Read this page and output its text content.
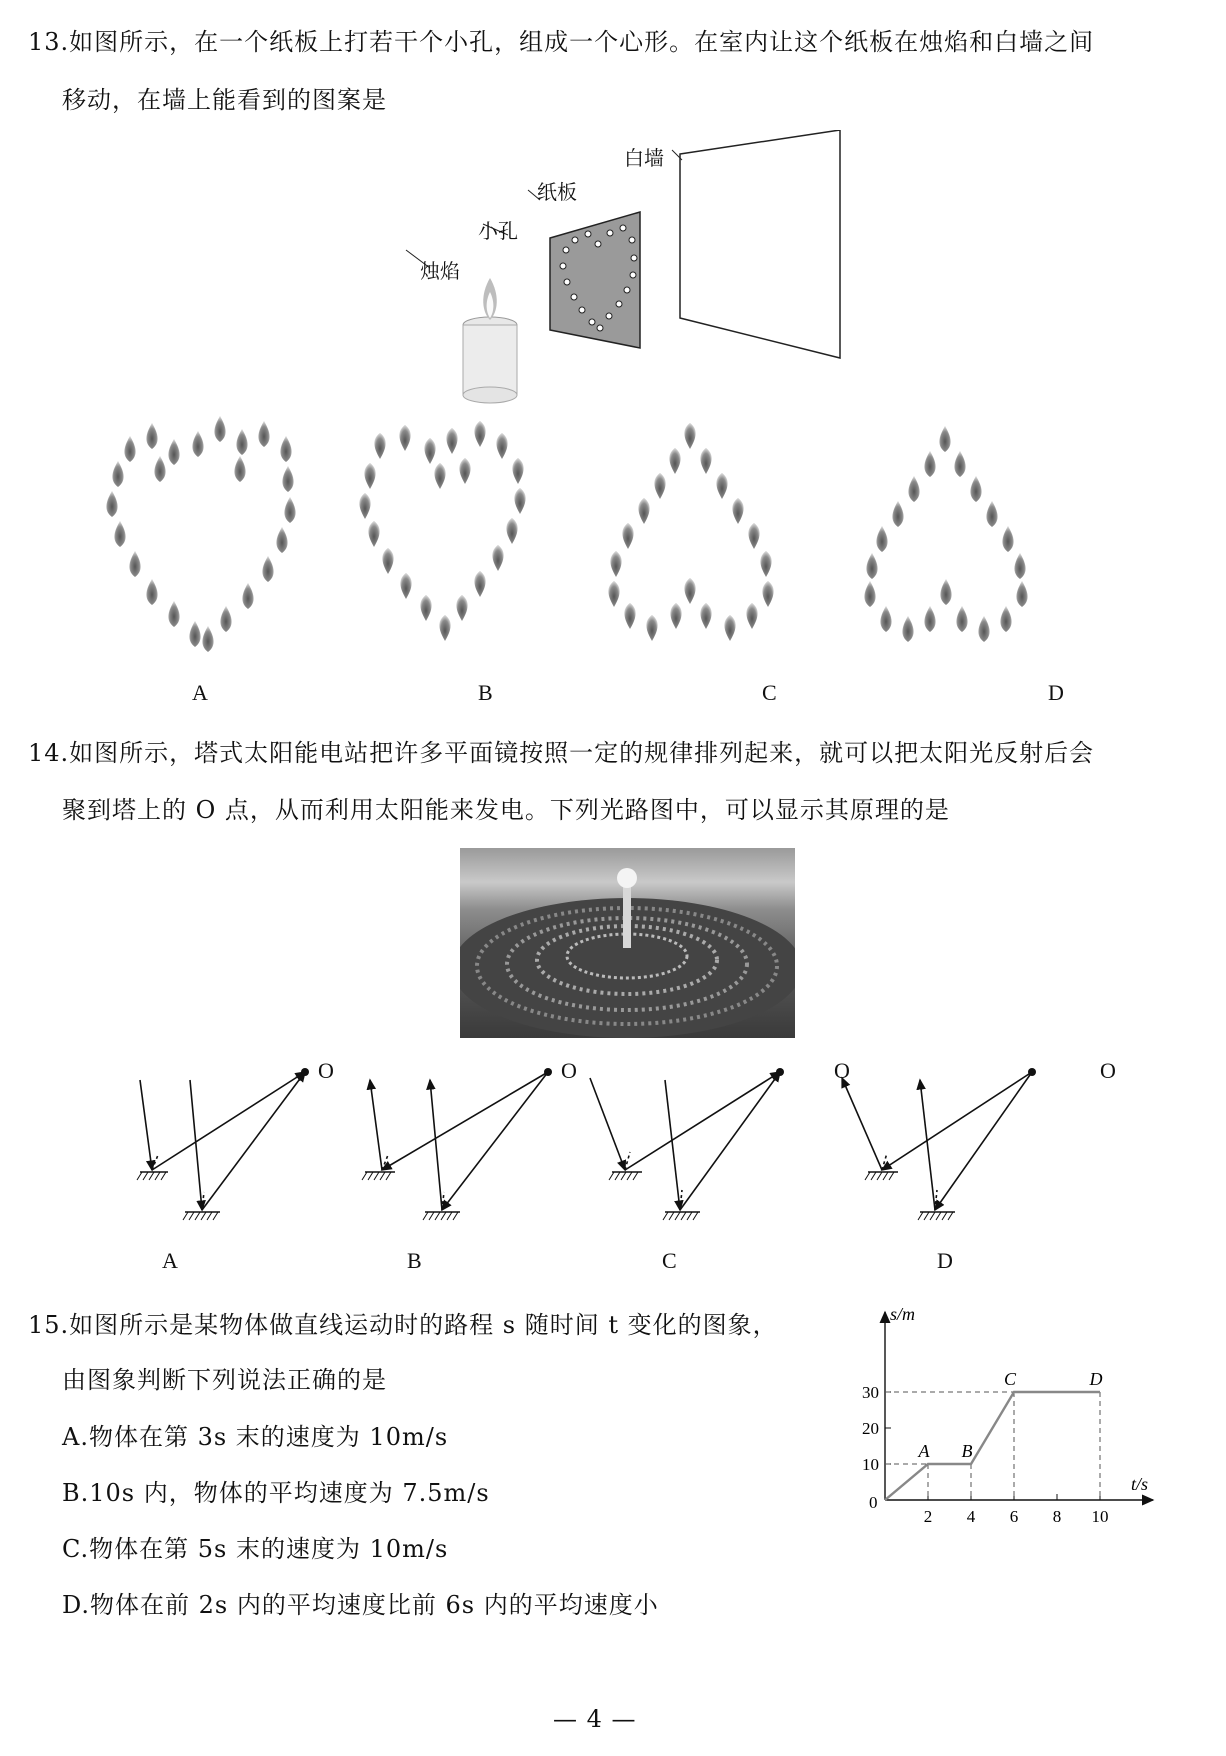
13.如图所示，在一个纸板上打若干个小孔，组成一个心形。在室内让这个纸板在烛焰和白墙之间
移动，在墙上能看到的图案是
白墙
纸板
小孔
烛焰
A	B	C	D
14.如图所示，塔式太阳能电站把许多平面镜按照一定的规律排列起来，就可以把太阳光反射后会
聚到塔上的 O 点，从而利用太阳能来发电。下列光路图中，可以显示其原理的是
O	O	O	O
A	B	C	D
15.如图所示是某物体做直线运动时的路程 s 随时间 t 变化的图象，
由图象判断下列说法正确的是
A.物体在第 3s 末的速度为 10m/s
B.10s 内，物体的平均速度为 7.5m/s
C.物体在第 5s 末的速度为 10m/s
D.物体在前 2s 内的平均速度比前 6s 内的平均速度小
s/m
t/s
0
2 4 6 8 10
10
20
30
A B
C	D
— 4 —
